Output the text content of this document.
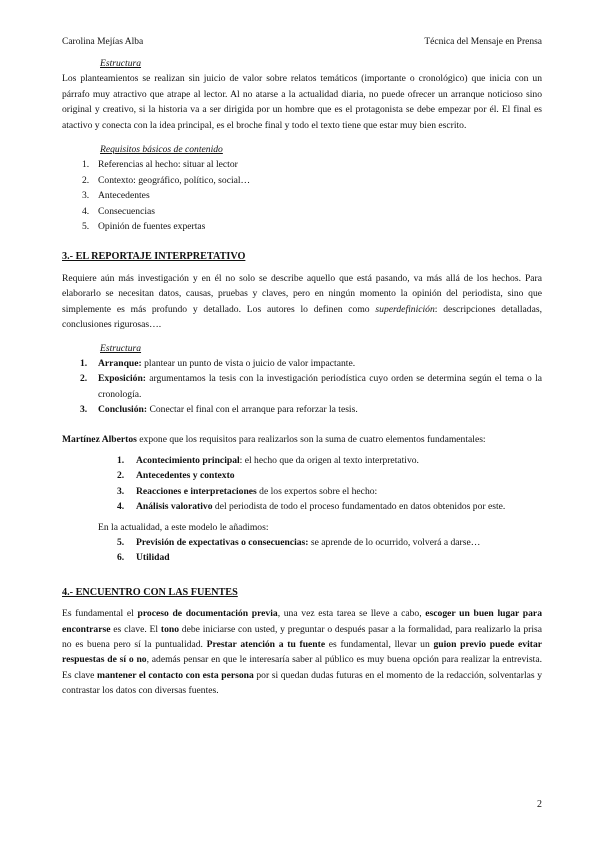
Carolina Mejías Alba	Técnica del Mensaje en Prensa
Estructura

Los planteamientos se realizan sin juicio de valor sobre relatos temáticos (importante o cronológico) que inicia con un párrafo muy atractivo que atrape al lector. Al no atarse a la actualidad diaria, no puede ofrecer un arranque noticioso sino original y creativo, si la historia va a ser dirigida por un hombre que es el protagonista se debe empezar por él. El final es atactivo y conecta con la idea principal, es el broche final y todo el texto tiene que estar muy bien escrito.

Requisitos básicos de contenido
1. Referencias al hecho: situar al lector
2. Contexto: geográfico, político, social…
3. Antecedentes
4. Consecuencias
5. Opinión de fuentes expertas
3.- EL REPORTAJE INTERPRETATIVO

Requiere aún más investigación y en él no solo se describe aquello que está pasando, va más allá de los hechos. Para elaborarlo se necesitan datos, causas, pruebas y claves, pero en ningún momento la opinión del periodista, sino que simplemente es más profundo y detallado. Los autores lo definen como superdefinición: descripciones detalladas, conclusiones rigurosas….

Estructura
1. Arranque: plantear un punto de vista o juicio de valor impactante.
2. Exposición: argumentamos la tesis con la investigación periodística cuyo orden se determina según el tema o la cronología.
3. Conclusión: Conectar el final con el arranque para reforzar la tesis.

Martínez Albertos expone que los requisitos para realizarlos son la suma de cuatro elementos fundamentales:

1. Acontecimiento principal: el hecho que da origen al texto interpretativo.
2. Antecedentes y contexto
3. Reacciones e interpretaciones de los expertos sobre el hecho:
4. Análisis valorativo del periodista de todo el proceso fundamentado en datos obtenidos por este.

En la actualidad, a este modelo le añadimos:

5. Previsión de expectativas o consecuencias: se aprende de lo ocurrido, volverá a darse…
6. Utilidad
4.- ENCUENTRO CON LAS FUENTES

Es fundamental el proceso de documentación previa, una vez esta tarea se lleve a cabo, escoger un buen lugar para encontrarse es clave. El tono debe iniciarse con usted, y preguntar o después pasar a la formalidad, para realizarlo la prisa no es buena pero sí la puntualidad. Prestar atención a tu fuente es fundamental, llevar un guion previo puede evitar respuestas de sí o no, además pensar en que le interesaría saber al público es muy buena opción para realizar la entrevista. Es clave mantener el contacto con esta persona por si quedan dudas futuras en el momento de la redacción, solventarlas y contrastar los datos con diversas fuentes.

2
